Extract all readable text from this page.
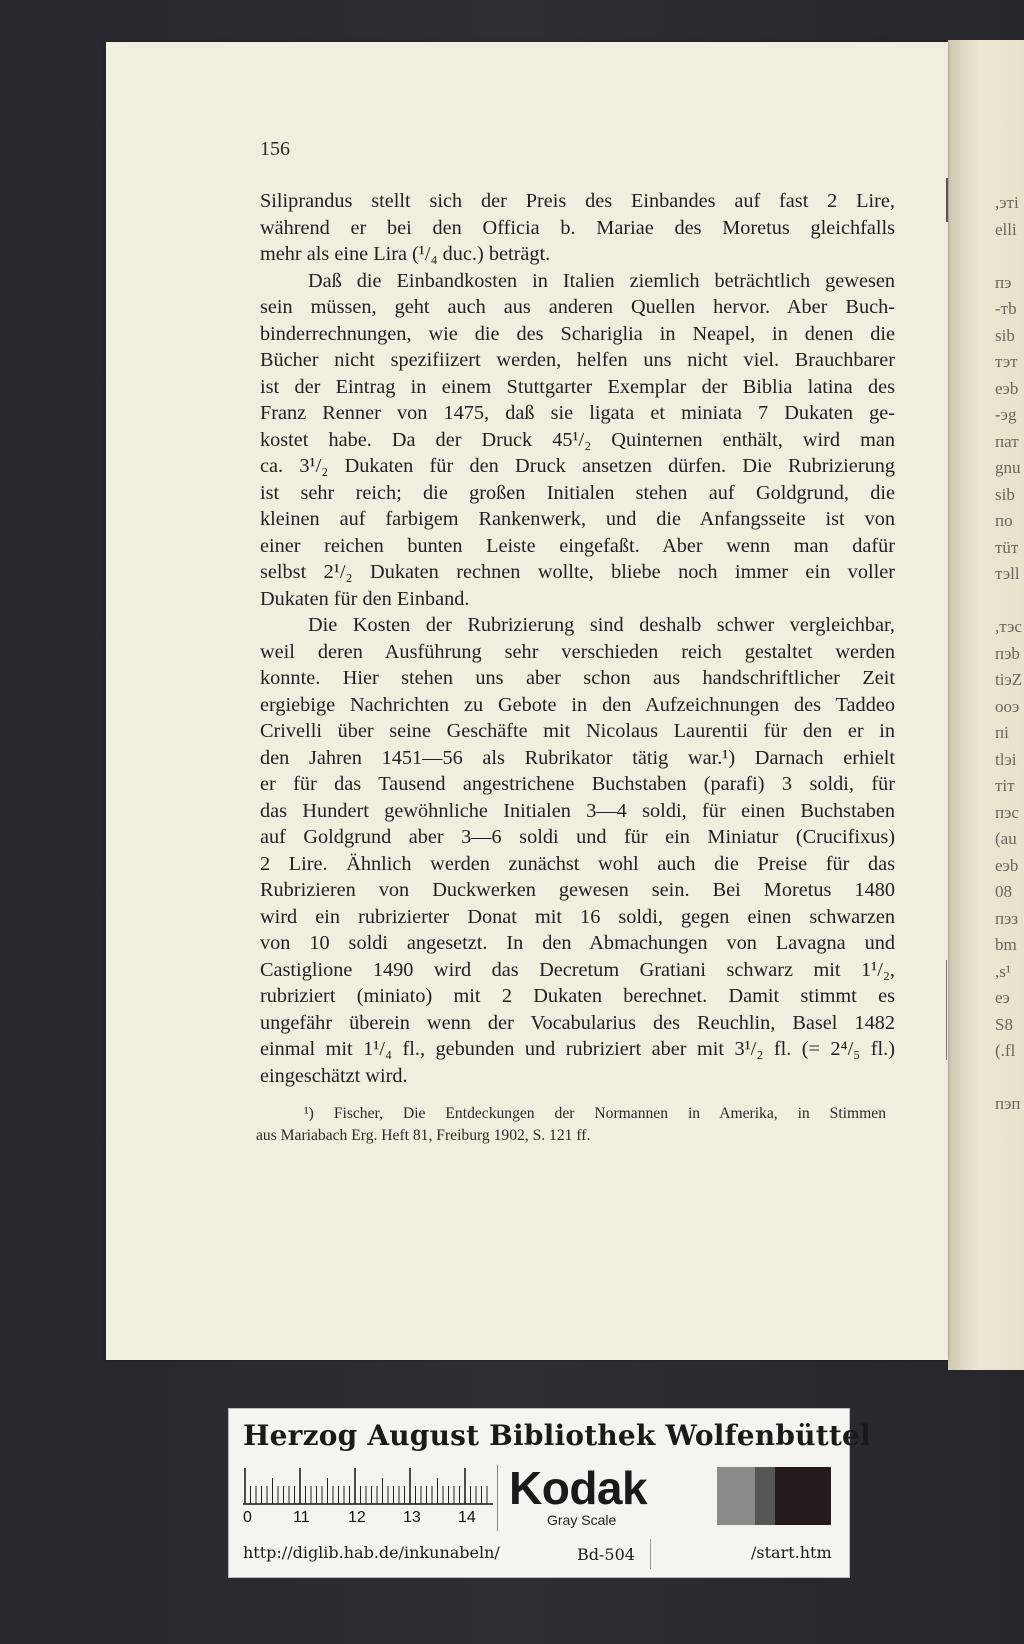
,эті
elli
пэ
-тb
sib
тэт
eэb
-эg
пат
gnu
sib
по
тüт
тэll
,тэс
пэb
tiэZ
ooэ
пі
tlэі
тіт
пэс
(аu
eэb
08
пэз
bm
,s¹
eэ
S8
(.fl
пэп
156
Siliprandus stellt sich der Preis des Einbandes auf fast 2 Lire,
während er bei den Officia b. Mariae des Moretus gleichfalls
mehr als eine Lira (¹/₄ duc.) beträgt.
Daß die Einbandkosten in Italien ziemlich beträchtlich gewesen
sein müssen, geht auch aus anderen Quellen hervor. Aber Buch-
binderrechnungen, wie die des Schariglia in Neapel, in denen die
Bücher nicht spezifiizert werden, helfen uns nicht viel. Brauchbarer
ist der Eintrag in einem Stuttgarter Exemplar der Biblia latina des
Franz Renner von 1475, daß sie ligata et miniata 7 Dukaten ge-
kostet habe. Da der Druck 45¹/₂ Quinternen enthält, wird man
ca. 3¹/₂ Dukaten für den Druck ansetzen dürfen. Die Rubrizierung
ist sehr reich; die großen Initialen stehen auf Goldgrund, die
kleinen auf farbigem Rankenwerk, und die Anfangsseite ist von
einer reichen bunten Leiste eingefaßt. Aber wenn man dafür
selbst 2¹/₂ Dukaten rechnen wollte, bliebe noch immer ein voller
Dukaten für den Einband.
Die Kosten der Rubrizierung sind deshalb schwer vergleichbar,
weil deren Ausführung sehr verschieden reich gestaltet werden
konnte. Hier stehen uns aber schon aus handschriftlicher Zeit
ergiebige Nachrichten zu Gebote in den Aufzeichnungen des Taddeo
Crivelli über seine Geschäfte mit Nicolaus Laurentii für den er in
den Jahren 1451—56 als Rubrikator tätig war.¹) Darnach erhielt
er für das Tausend angestrichene Buchstaben (parafi) 3 soldi, für
das Hundert gewöhnliche Initialen 3—4 soldi, für einen Buchstaben
auf Goldgrund aber 3—6 soldi und für ein Miniatur (Crucifixus)
2 Lire. Ähnlich werden zunächst wohl auch die Preise für das
Rubrizieren von Duckwerken gewesen sein. Bei Moretus 1480
wird ein rubrizierter Donat mit 16 soldi, gegen einen schwarzen
von 10 soldi angesetzt. In den Abmachungen von Lavagna und
Castiglione 1490 wird das Decretum Gratiani schwarz mit 1¹/₂,
rubriziert (miniato) mit 2 Dukaten berechnet. Damit stimmt es
ungefähr überein wenn der Vocabularius des Reuchlin, Basel 1482
einmal mit 1¹/₄ fl., gebunden und rubriziert aber mit 3¹/₂ fl. (= 2⁴/₅ fl.)
eingeschätzt wird.
¹) Fischer, Die Entdeckungen der Normannen in Amerika, in Stimmen
aus Mariabach Erg. Heft 81, Freiburg 1902, S. 121 ff.
Herzog August Bibliothek Wolfenbüttel
0	11 12 13 14
Kodak
Gray Scale
http://diglib.hab.de/inkunabeln/	Bd-504	/start.htm
